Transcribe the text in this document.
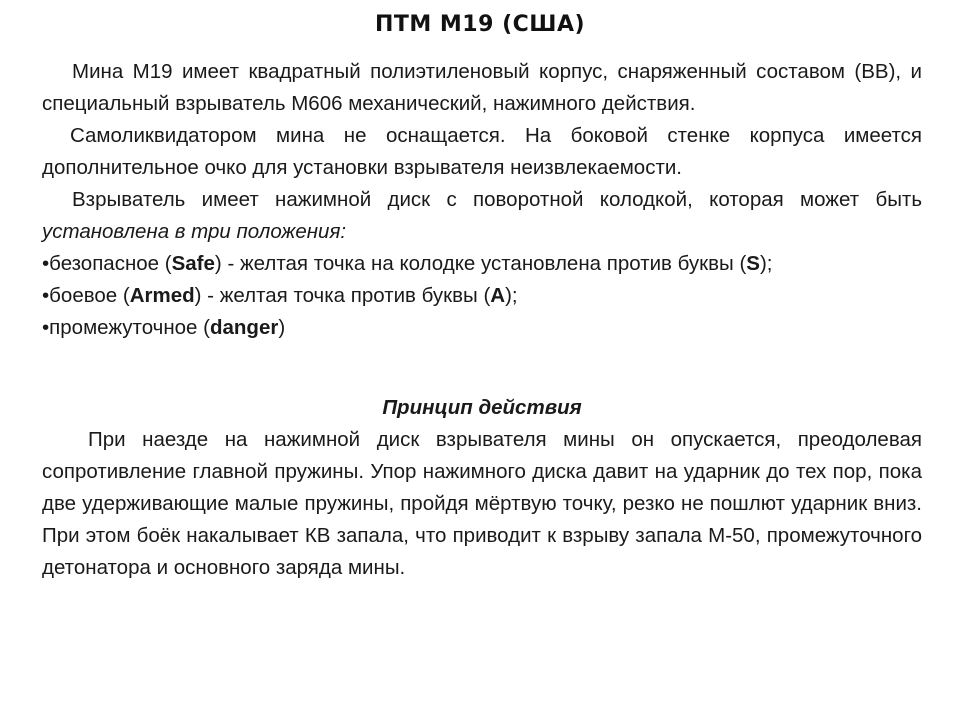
ПТМ М19 (США)

Мина М19 имеет квадратный полиэтиленовый корпус, снаряженный составом (ВВ), и специальный взрыватель М606 механический, нажимного действия.

Самоликвидатором мина не оснащается. На боковой стенке корпуса имеется дополнительное очко для установки взрывателя неизвлекаемости.

Взрыватель имеет нажимной диск с поворотной колодкой, которая может быть установлена в три положения:

•безопасное (Safe) - желтая точка на колодке установлена против буквы (S);

•боевое (Armed) - желтая точка против буквы (A);

•промежуточное (danger)

Принцип действия

При наезде на нажимной диск взрывателя мины он опускается, преодолевая сопротивление главной пружины. Упор нажимного диска давит на ударник до тех пор, пока две удерживающие малые пружины, пройдя мёртвую точку, резко не пошлют ударник вниз. При этом боёк накалывает КВ запала, что приводит к взрыву запала М-50, промежуточного детонатора и основного заряда мины.
